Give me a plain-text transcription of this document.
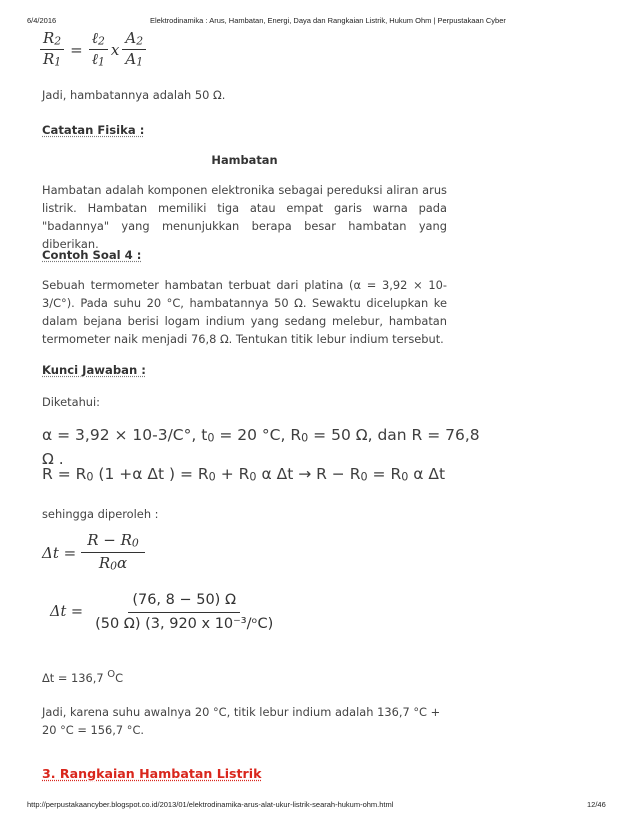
6/4/2016	Elektrodinamika : Arus, Hambatan, Energi, Daya dan Rangkaian Listrik, Hukum Ohm | Perpustakaan Cyber
$\frac{R_2}{R_1} = \frac{\ell_2}{\ell_1}$ x $\frac{A_2}{A_1}$
Jadi, hambatannya adalah 50 Ω.
Catatan Fisika :
Hambatan
Hambatan adalah komponen elektronika sebagai pereduksi aliran arus listrik. Hambatan memiliki tiga atau empat garis warna pada "badannya" yang menunjukkan berapa besar hambatan yang diberikan.
Contoh Soal 4 :
Sebuah termometer hambatan terbuat dari platina (α = 3,92 × 10-3/C°). Pada suhu 20 °C, hambatannya 50 Ω. Sewaktu dicelupkan ke dalam bejana berisi logam indium yang sedang melebur, hambatan termometer naik menjadi 76,8 Ω. Tentukan titik lebur indium tersebut.
Kunci Jawaban :
Diketahui:
α = 3,92 × 10-3/C°, $t_0 = 20$ °C, $R_0 = 50$ Ω, dan R = 76,8
Ω .
$R = R_0$ (1 +α Δt ) = $R_0 + R_0$ α $\Delta t \to R - R_0 = R_0$ α Δt
sehingga diperoleh :
$\Delta t = \frac{R - R_0}{R_0\alpha}$
$\Delta t = \frac{(76, 8 - 50) \Omega}{\text{(50 Ω) (3, 920 x 10⁻³/ᵒC)}}$
Δt = 136,7 $^O$C
Jadi, karena suhu awalnya 20 °C, titik lebur indium adalah 136,7 °C + 20 °C = 156,7 °C.
3. Rangkaian Hambatan Listrik
http://perpustakaancyber.blogspot.co.id/2013/01/elektrodinamika-arus-alat-ukur-listrik-searah-hukum-ohm.html	12/46
